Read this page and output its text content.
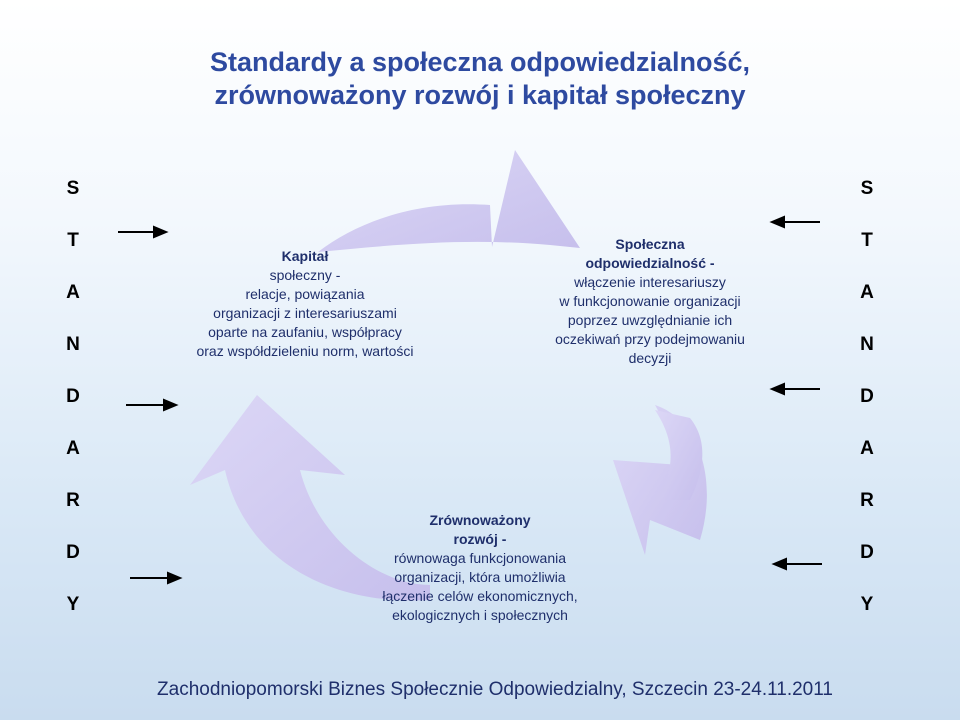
Standardy a społeczna odpowiedzialność,
zrównoważony rozwój i kapitał społeczny
S
T
A
N
D
A
R
D
Y
S
T
A
N
D
A
R
D
Y
Kapitał
społeczny -
relacje, powiązania
organizacji z interesariuszami
oparte na zaufaniu, współpracy
oraz współdzieleniu norm, wartości
Społeczna
odpowiedzialność -
włączenie interesariuszy
w funkcjonowanie organizacji
poprzez uwzględnianie ich
oczekiwań przy podejmowaniu
decyzji
Zrównoważony
rozwój -
równowaga funkcjonowania
organizacji, która umożliwia
łączenie celów ekonomicznych,
ekologicznych i społecznych
Zachodniopomorski Biznes Społecznie Odpowiedzialny, Szczecin 23-24.11.2011
